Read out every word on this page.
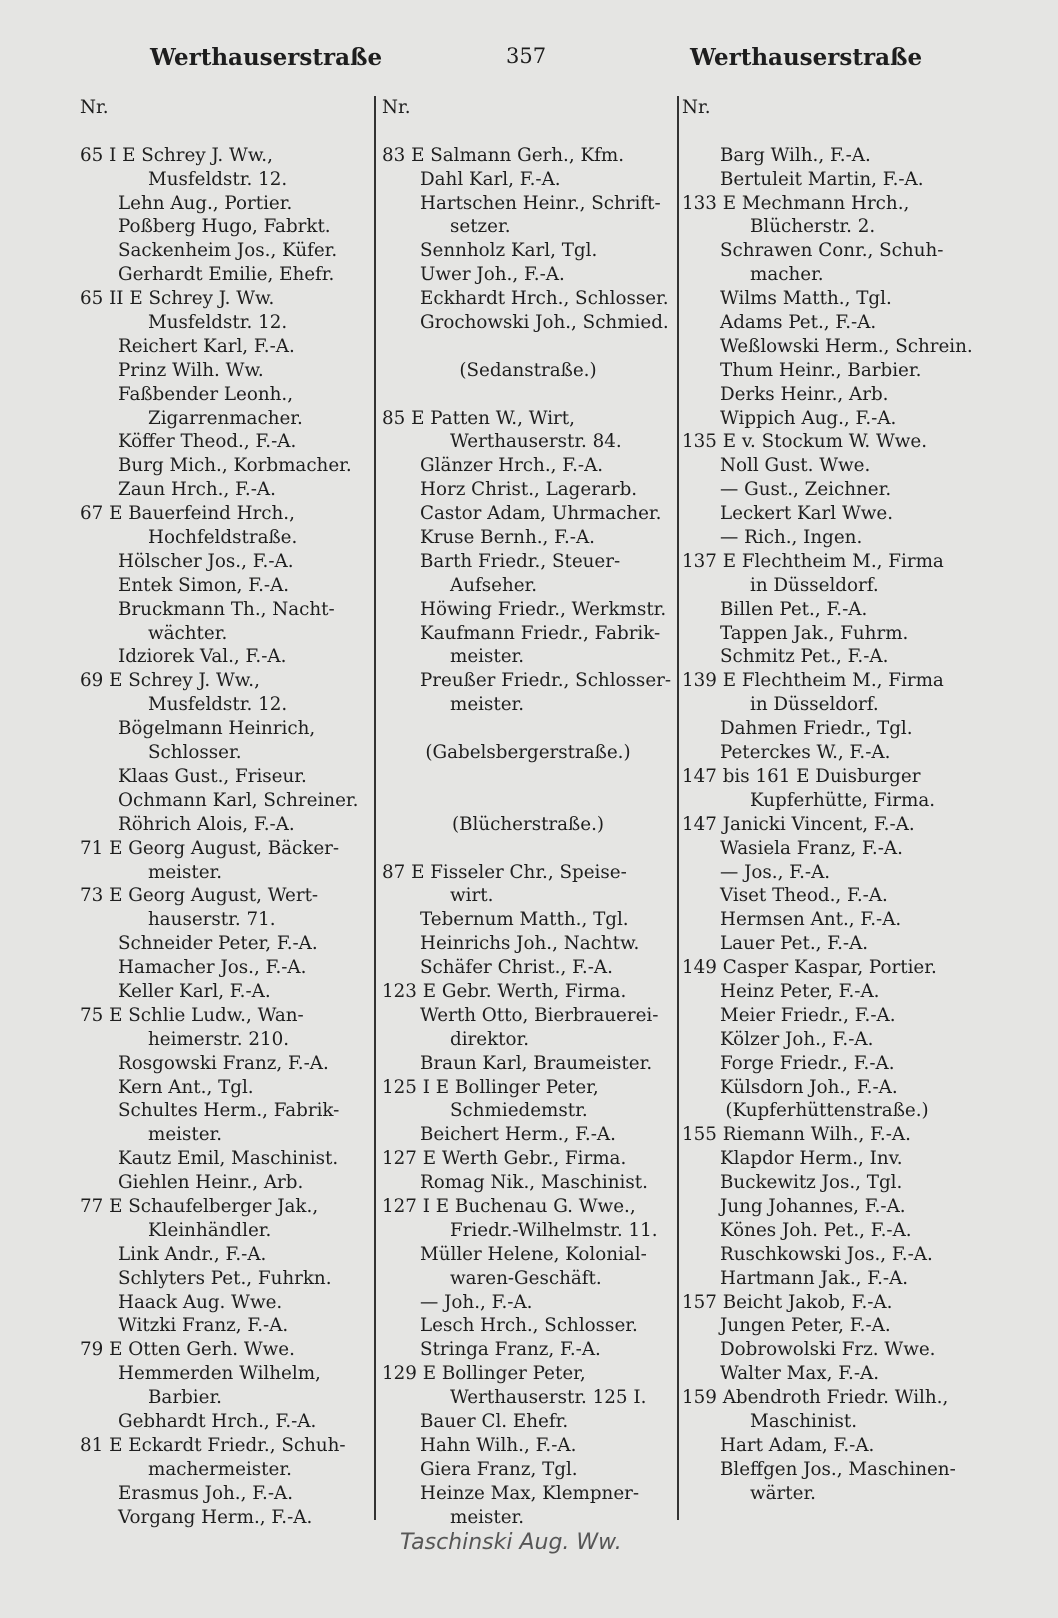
Werthauserstraße	357	Werthauserstraße
Nr.
65 I E Schrey J. Ww.,
Musfeldstr. 12.
Lehn Aug., Portier.
Poßberg Hugo, Fabrkt.
Sackenheim Jos., Küfer.
Gerhardt Emilie, Ehefr.
65 II E Schrey J. Ww.
Musfeldstr. 12.
Reichert Karl, F.-A.
Prinz Wilh. Ww.
Faßbender Leonh.,
Zigarrenmacher.
Köffer Theod., F.-A.
Burg Mich., Korbmacher.
Zaun Hrch., F.-A.
67 E Bauerfeind Hrch.,
Hochfeldstraße.
Hölscher Jos., F.-A.
Entek Simon, F.-A.
Bruckmann Th., Nacht-
wächter.
Idziorek Val., F.-A.
69 E Schrey J. Ww.,
Musfeldstr. 12.
Bögelmann Heinrich,
Schlosser.
Klaas Gust., Friseur.
Ochmann Karl, Schreiner.
Röhrich Alois, F.-A.
71 E Georg August, Bäcker-
meister.
73 E Georg August, Wert-
hauserstr. 71.
Schneider Peter, F.-A.
Hamacher Jos., F.-A.
Keller Karl, F.-A.
75 E Schlie Ludw., Wan-
heimerstr. 210.
Rosgowski Franz, F.-A.
Kern Ant., Tgl.
Schultes Herm., Fabrik-
meister.
Kautz Emil, Maschinist.
Giehlen Heinr., Arb.
77 E Schaufelberger Jak.,
Kleinhändler.
Link Andr., F.-A.
Schlyters Pet., Fuhrkn.
Haack Aug. Wwe.
Witzki Franz, F.-A.
79 E Otten Gerh. Wwe.
Hemmerden Wilhelm,
Barbier.
Gebhardt Hrch., F.-A.
81 E Eckardt Friedr., Schuh-
machermeister.
Erasmus Joh., F.-A.
Vorgang Herm., F.-A.
Nr.
83 E Salmann Gerh., Kfm.
Dahl Karl, F.-A.
Hartschen Heinr., Schrift-
setzer.
Sennholz Karl, Tgl.
Uwer Joh., F.-A.
Eckhardt Hrch., Schlosser.
Grochowski Joh., Schmied.
(Sedanstraße.)
85 E Patten W., Wirt,
Werthauserstr. 84.
Glänzer Hrch., F.-A.
Horz Christ., Lagerarb.
Castor Adam, Uhrmacher.
Kruse Bernh., F.-A.
Barth Friedr., Steuer-
Aufseher.
Höwing Friedr., Werkmstr.
Kaufmann Friedr., Fabrik-
meister.
Preußer Friedr., Schlosser-
meister.
(Gabelsbergerstraße.)
(Blücherstraße.)
87 E Fisseler Chr., Speise-
wirt.
Tebernum Matth., Tgl.
Heinrichs Joh., Nachtw.
Schäfer Christ., F.-A.
123 E Gebr. Werth, Firma.
Werth Otto, Bierbrauerei-
direktor.
Braun Karl, Braumeister.
125 I E Bollinger Peter,
Schmiedemstr.
Beichert Herm., F.-A.
127 E Werth Gebr., Firma.
Romag Nik., Maschinist.
127 I E Buchenau G. Wwe.,
Friedr.-Wilhelmstr. 11.
Müller Helene, Kolonial-
waren-Geschäft.
— Joh., F.-A.
Lesch Hrch., Schlosser.
Stringa Franz, F.-A.
129 E Bollinger Peter,
Werthauserstr. 125 I.
Bauer Cl. Ehefr.
Hahn Wilh., F.-A.
Giera Franz, Tgl.
Heinze Max, Klempner-
meister.
Nr.
Barg Wilh., F.-A.
Bertuleit Martin, F.-A.
133 E Mechmann Hrch.,
Blücherstr. 2.
Schrawen Conr., Schuh-
macher.
Wilms Matth., Tgl.
Adams Pet., F.-A.
Weßlowski Herm., Schrein.
Thum Heinr., Barbier.
Derks Heinr., Arb.
Wippich Aug., F.-A.
135 E v. Stockum W. Wwe.
Noll Gust. Wwe.
— Gust., Zeichner.
Leckert Karl Wwe.
— Rich., Ingen.
137 E Flechtheim M., Firma
in Düsseldorf.
Billen Pet., F.-A.
Tappen Jak., Fuhrm.
Schmitz Pet., F.-A.
139 E Flechtheim M., Firma
in Düsseldorf.
Dahmen Friedr., Tgl.
Peterckes W., F.-A.
147 bis 161 E Duisburger
Kupferhütte, Firma.
147 Janicki Vincent, F.-A.
Wasiela Franz, F.-A.
— Jos., F.-A.
Viset Theod., F.-A.
Hermsen Ant., F.-A.
Lauer Pet., F.-A.
149 Casper Kaspar, Portier.
Heinz Peter, F.-A.
Meier Friedr., F.-A.
Kölzer Joh., F.-A.
Forge Friedr., F.-A.
Külsdorn Joh., F.-A.
(Kupferhüttenstraße.)
155 Riemann Wilh., F.-A.
Klapdor Herm., Inv.
Buckewitz Jos., Tgl.
Jung Johannes, F.-A.
Könes Joh. Pet., F.-A.
Ruschkowski Jos., F.-A.
Hartmann Jak., F.-A.
157 Beicht Jakob, F.-A.
Jungen Peter, F.-A.
Dobrowolski Frz. Wwe.
Walter Max, F.-A.
159 Abendroth Friedr. Wilh.,
Maschinist.
Hart Adam, F.-A.
Bleffgen Jos., Maschinen-
wärter.
Taschinski Aug. Ww.
